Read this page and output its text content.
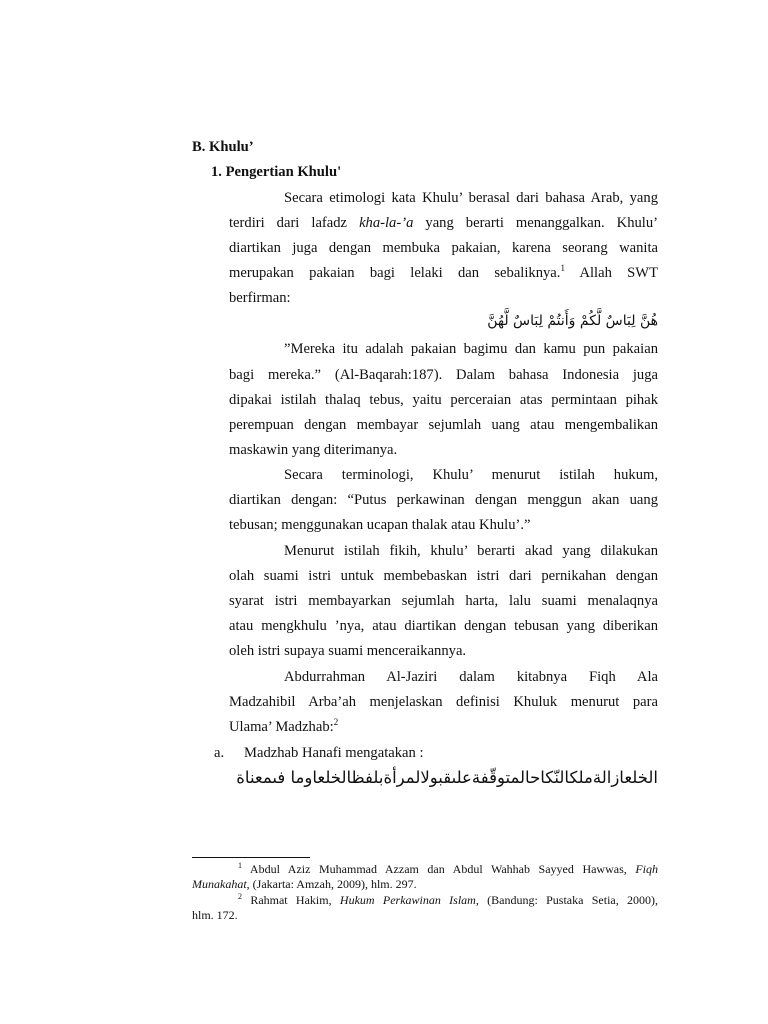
B. Khulu’
1. Pengertian Khulu'
Secara etimologi kata Khulu’ berasal dari bahasa Arab, yang
terdiri dari lafadz kha-la-’a yang berarti menanggalkan. Khulu’
diartikan juga dengan membuka pakaian, karena seorang wanita
merupakan pakaian bagi lelaki dan sebaliknya.$^1$ Allah SWT
berfirman:
هُنَّ لِبَاسٌ لَّكُمْ وَأَنتُمْ لِبَاسٌ لَّهُنَّ
”Mereka itu adalah pakaian bagimu dan kamu pun pakaian
bagi mereka.” (Al-Baqarah:187). Dalam bahasa Indonesia juga
dipakai istilah thalaq tebus, yaitu perceraian atas permintaan pihak
perempuan dengan membayar sejumlah uang atau mengembalikan
maskawin yang diterimanya.
Secara terminologi, Khulu’ menurut istilah hukum,
diartikan dengan: “Putus perkawinan dengan menggun akan uang
tebusan; menggunakan ucapan thalak atau Khulu’.”
Menurut istilah fikih, khulu’ berarti akad yang dilakukan
olah suami istri untuk membebaskan istri dari pernikahan dengan
syarat istri membayarkan sejumlah harta, lalu suami menalaqnya
atau mengkhulu ’nya, atau diartikan dengan tebusan yang diberikan
oleh istri supaya suami menceraikannya.
Abdurrahman Al-Jaziri dalam kitabnya Fiqh Ala
Madzahibil Arba’ah menjelaskan definisi Khuluk menurut para
Ulama’ Madzhab:$^2$
a. Madzhab Hanafi mengatakan :
الخلعازالةملكالنّكاحالمتوقّفةعلىقبولالمرأةبلفظالخلعاوما فىمعناة
$^1$ Abdul Aziz Muhammad Azzam dan Abdul Wahhab Sayyed Hawwas, Fiqh
Munakahat, (Jakarta: Amzah, 2009), hlm. 297.
$^2$ Rahmat Hakim, Hukum Perkawinan Islam, (Bandung: Pustaka Setia, 2000),
hlm. 172.
